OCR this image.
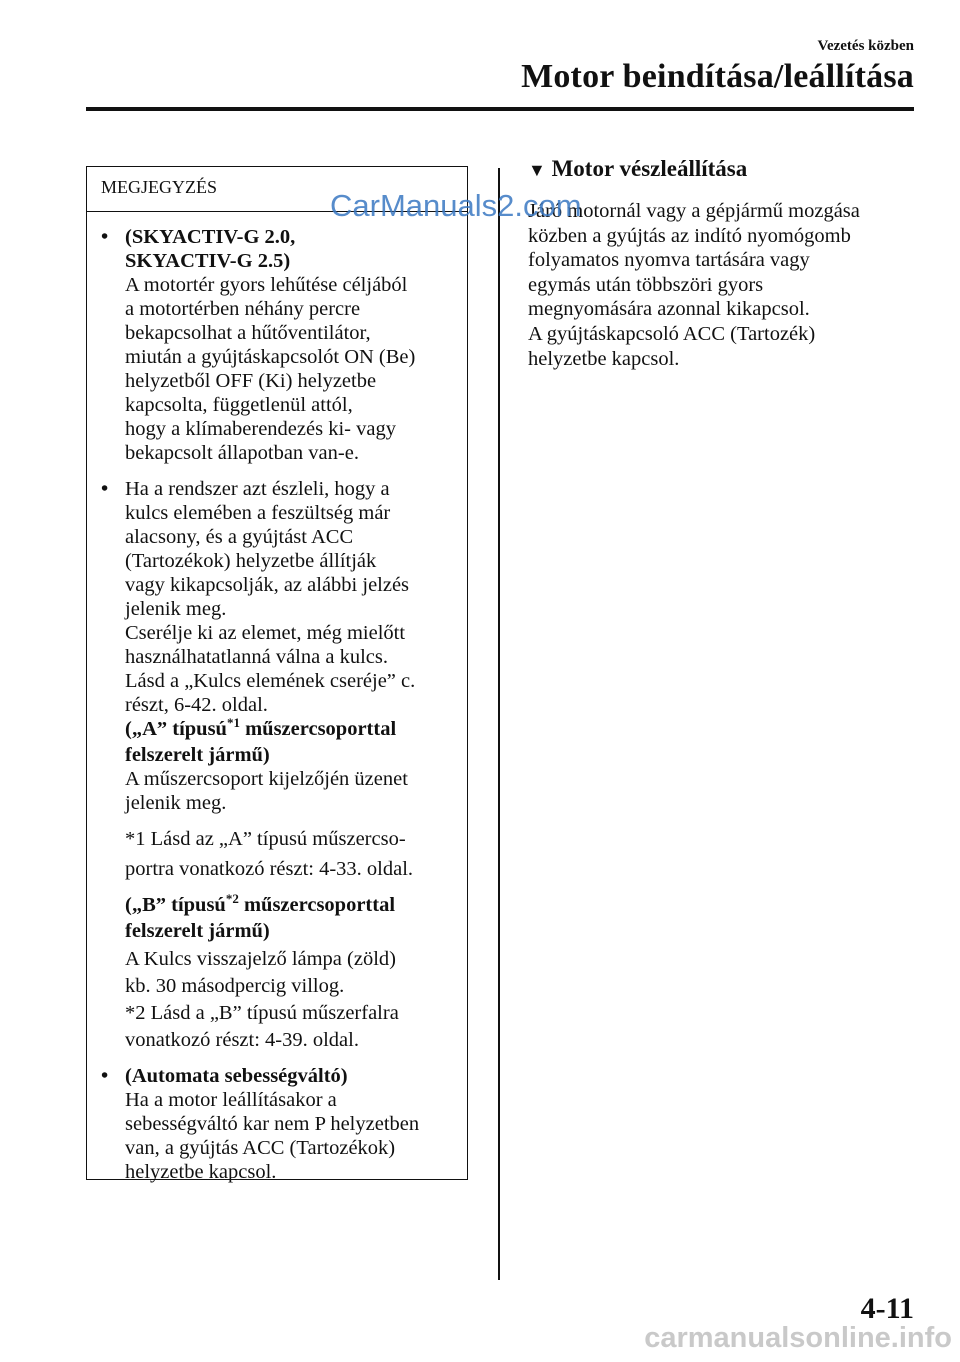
Vezetés közben
Motor beindítása/leállítása
MEGJEGYZÉS
• (SKYACTIV-G 2.0,
SKYACTIV-G 2.5)
A motortér gyors lehűtése céljából
a motortérben néhány percre
bekapcsolhat a hűtőventilátor,
miután a gyújtáskapcsolót ON (Be)
helyzetből OFF (Ki) helyzetbe
kapcsolta, függetlenül attól,
hogy a klímaberendezés ki- vagy
bekapcsolt állapotban van-e.
• Ha a rendszer azt észleli, hogy a
kulcs elemében a feszültség már
alacsony, és a gyújtást ACC
(Tartozékok) helyzetbe állítják
vagy kikapcsolják, az alábbi jelzés
jelenik meg.
Cserélje ki az elemet, még mielőtt
használhatatlanná válna a kulcs.
Lásd a „Kulcs elemének cseréje” c.
részt, 6-42. oldal.
(„A” típusú$^{*1}$ műszercsoporttal
felszerelt jármű)
A műszercsoport kijelzőjén üzenet
jelenik meg.
*1 Lásd az „A” típusú műszercso-
portra vonatkozó részt: 4-33. oldal.
(„B” típusú$^{*2}$ műszercsoporttal
felszerelt jármű)
A Kulcs visszajelző lámpa (zöld)
kb. 30 másodpercig villog.
*2 Lásd a „B” típusú műszerfalra
vonatkozó részt: 4-39. oldal.
• (Automata sebességváltó)
Ha a motor leállításakor a
sebességváltó kar nem P helyzetben
van, a gyújtás ACC (Tartozékok)
helyzetbe kapcsol.
▼ Motor vészleállítása
Járó motornál vagy a gépjármű mozgása
közben a gyújtás az indító nyomógomb
folyamatos nyomva tartására vagy
egymás után többszöri gyors
megnyomására azonnal kikapcsol.
A gyújtáskapcsoló ACC (Tartozék)
helyzetbe kapcsol.
4-11
CarManuals2.com
carmanualsonline.info
